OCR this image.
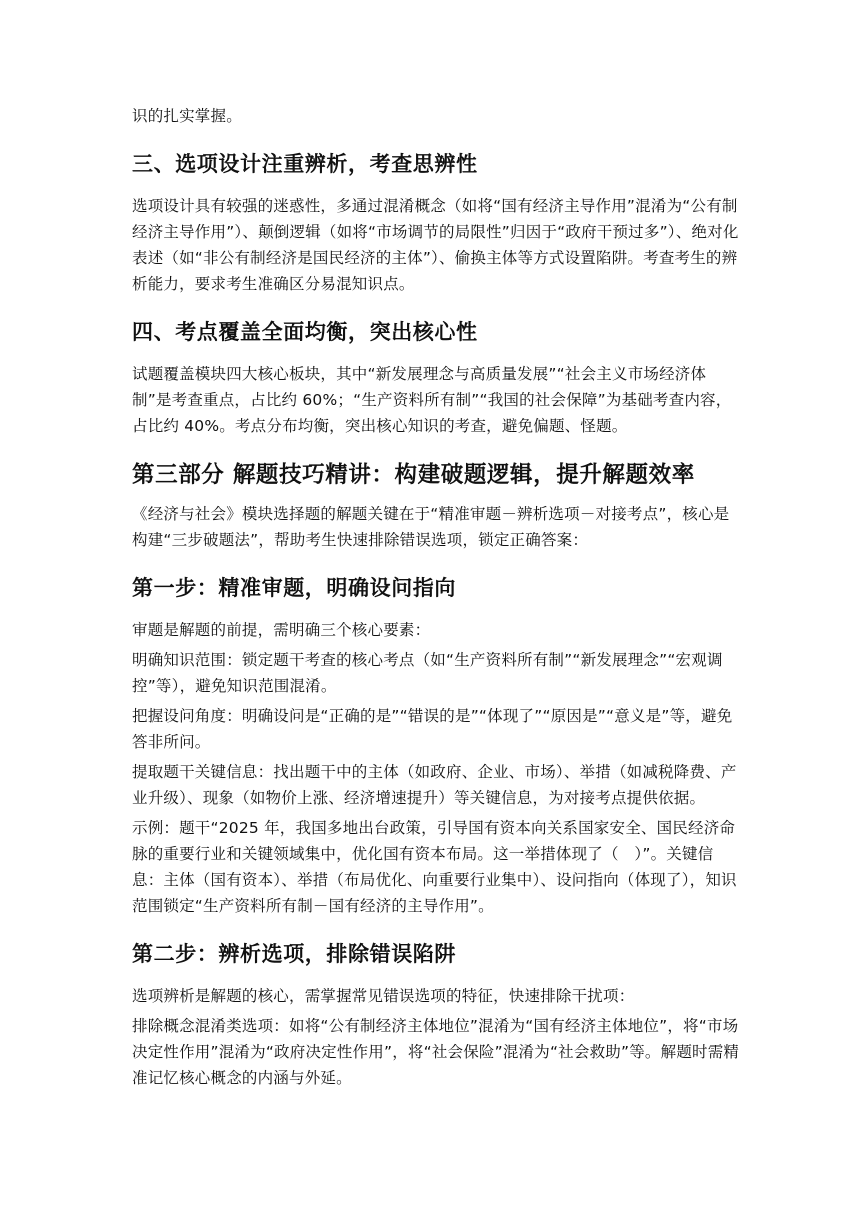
识的扎实掌握。

三、选项设计注重辨析，考查思辨性

选项设计具有较强的迷惑性，多通过混淆概念（如将“国有经济主导作用”混淆为“公有制经济主导作用”）、颠倒逻辑（如将“市场调节的局限性”归因于“政府干预过多”）、绝对化表述（如“非公有制经济是国民经济的主体”）、偷换主体等方式设置陷阱。考查考生的辨析能力，要求考生准确区分易混知识点。

四、考点覆盖全面均衡，突出核心性

试题覆盖模块四大核心板块，其中“新发展理念与高质量发展”“社会主义市场经济体制”是考查重点，占比约 60%；“生产资料所有制”“我国的社会保障”为基础考查内容，占比约 40%。考点分布均衡，突出核心知识的考查，避免偏题、怪题。

第三部分 解题技巧精讲：构建破题逻辑，提升解题效率

《经济与社会》模块选择题的解题关键在于“精准审题－辨析选项－对接考点”，核心是构建“三步破题法”，帮助考生快速排除错误选项，锁定正确答案：

第一步：精准审题，明确设问指向

审题是解题的前提，需明确三个核心要素：

明确知识范围：锁定题干考查的核心考点（如“生产资料所有制”“新发展理念”“宏观调控”等），避免知识范围混淆。

把握设问角度：明确设问是“正确的是”“错误的是”“体现了”“原因是”“意义是”等，避免答非所问。

提取题干关键信息：找出题干中的主体（如政府、企业、市场）、举措（如减税降费、产业升级）、现象（如物价上涨、经济增速提升）等关键信息，为对接考点提供依据。

示例：题干“2025 年，我国多地出台政策，引导国有资本向关系国家安全、国民经济命脉的重要行业和关键领域集中，优化国有资本布局。这一举措体现了（　）”。关键信息：主体（国有资本）、举措（布局优化、向重要行业集中）、设问指向（体现了），知识范围锁定“生产资料所有制－国有经济的主导作用”。

第二步：辨析选项，排除错误陷阱

选项辨析是解题的核心，需掌握常见错误选项的特征，快速排除干扰项：

排除概念混淆类选项：如将“公有制经济主体地位”混淆为“国有经济主体地位”，将“市场决定性作用”混淆为“政府决定性作用”，将“社会保险”混淆为“社会救助”等。解题时需精准记忆核心概念的内涵与外延。
